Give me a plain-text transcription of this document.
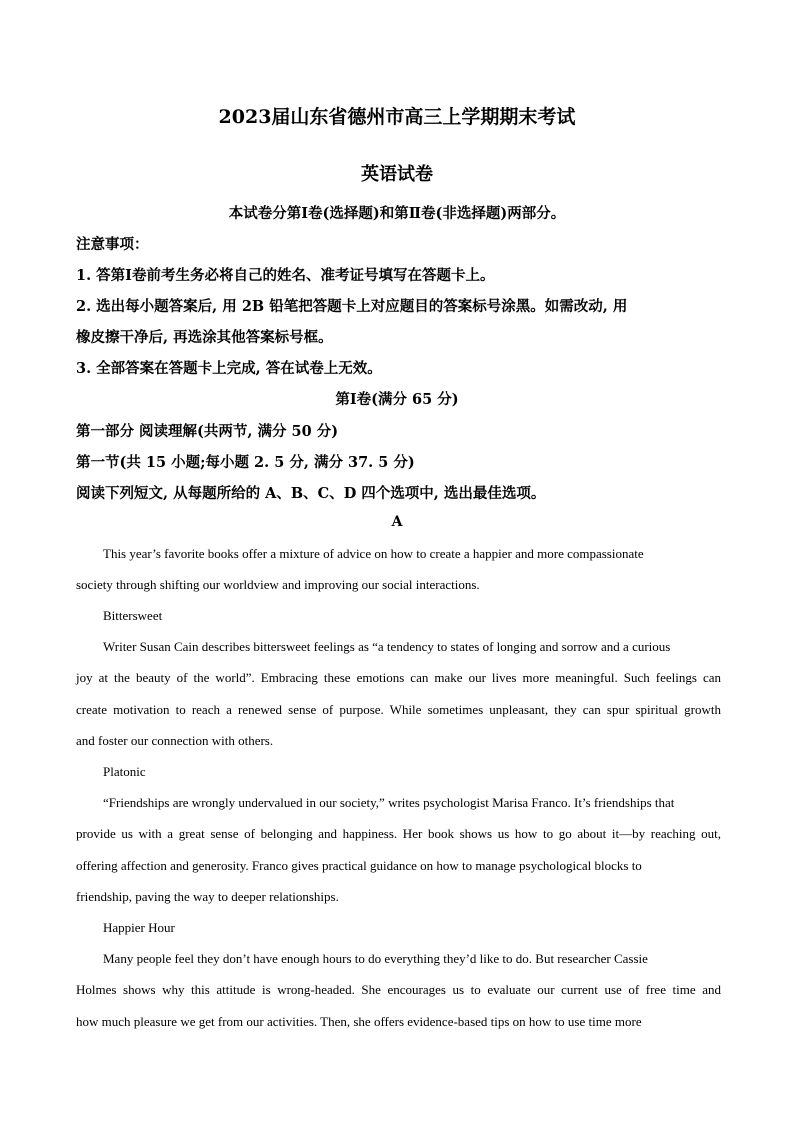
2023届山东省德州市高三上学期期末考试
英语试卷
本试卷分第Ⅰ卷(选择题)和第Ⅱ卷(非选择题)两部分。
注意事项：
1. 答第Ⅰ卷前考生务必将自己的姓名、准考证号填写在答题卡上。
2. 选出每小题答案后, 用 2B 铅笔把答题卡上对应题目的答案标号涂黑。如需改动, 用
橡皮擦干净后, 再选涂其他答案标号框。
3. 全部答案在答题卡上完成, 答在试卷上无效。
第Ⅰ卷(满分 65 分)
第一部分 阅读理解(共两节, 满分 50 分)
第一节(共 15 小题;每小题 2. 5 分, 满分 37. 5 分)
阅读下列短文, 从每题所给的 A、B、C、D 四个选项中, 选出最佳选项。
A
This year’s favorite books offer a mixture of advice on how to create a happier and more compassionate
society through shifting our worldview and improving our social interactions.
Bittersweet
Writer Susan Cain describes bittersweet feelings as “a tendency to states of longing and sorrow and a curious
joy at the beauty of the world”. Embracing these emotions can make our lives more meaningful. Such feelings can
create motivation to reach a renewed sense of purpose. While sometimes unpleasant, they can spur spiritual growth
and foster our connection with others.
Platonic
“Friendships are wrongly undervalued in our society,” writes psychologist Marisa Franco. It’s friendships that
provide us with a great sense of belonging and happiness. Her book shows us how to go about it—by reaching out,
offering affection and generosity. Franco gives practical guidance on how to manage psychological blocks to
friendship, paving the way to deeper relationships.
Happier Hour
Many people feel they don’t have enough hours to do everything they’d like to do. But researcher Cassie
Holmes shows why this attitude is wrong-headed. She encourages us to evaluate our current use of free time and
how much pleasure we get from our activities. Then, she offers evidence-based tips on how to use time more
